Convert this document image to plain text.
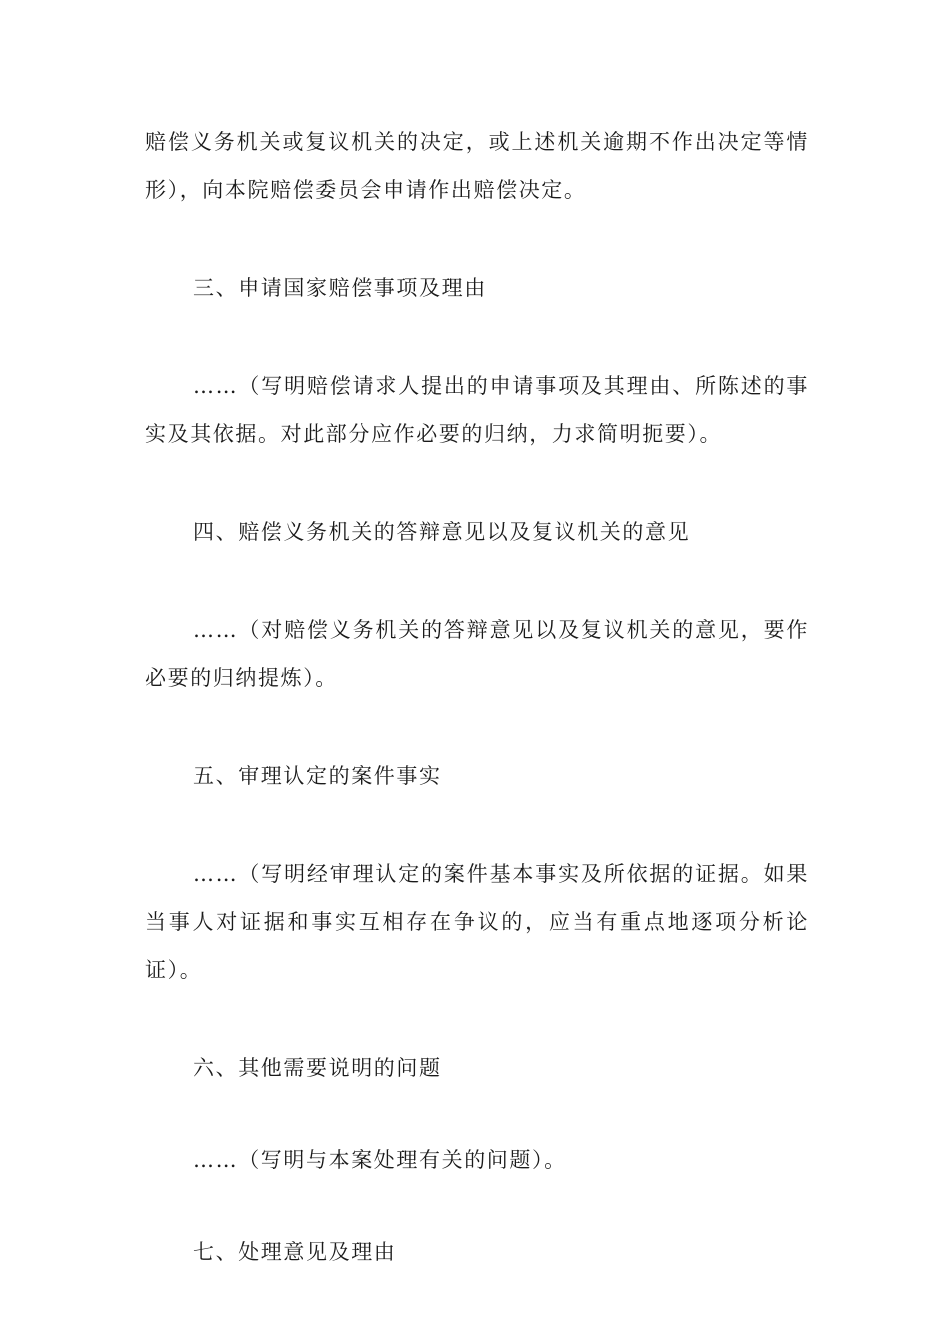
赔偿义务机关或复议机关的决定，或上述机关逾期不作出决定等情形），向本院赔偿委员会申请作出赔偿决定。

三、申请国家赔偿事项及理由

……（写明赔偿请求人提出的申请事项及其理由、所陈述的事实及其依据。对此部分应作必要的归纳，力求简明扼要）。

四、赔偿义务机关的答辩意见以及复议机关的意见

……（对赔偿义务机关的答辩意见以及复议机关的意见，要作必要的归纳提炼）。

五、审理认定的案件事实

……（写明经审理认定的案件基本事实及所依据的证据。如果当事人对证据和事实互相存在争议的，应当有重点地逐项分析论证）。

六、其他需要说明的问题

……（写明与本案处理有关的问题）。

七、处理意见及理由
